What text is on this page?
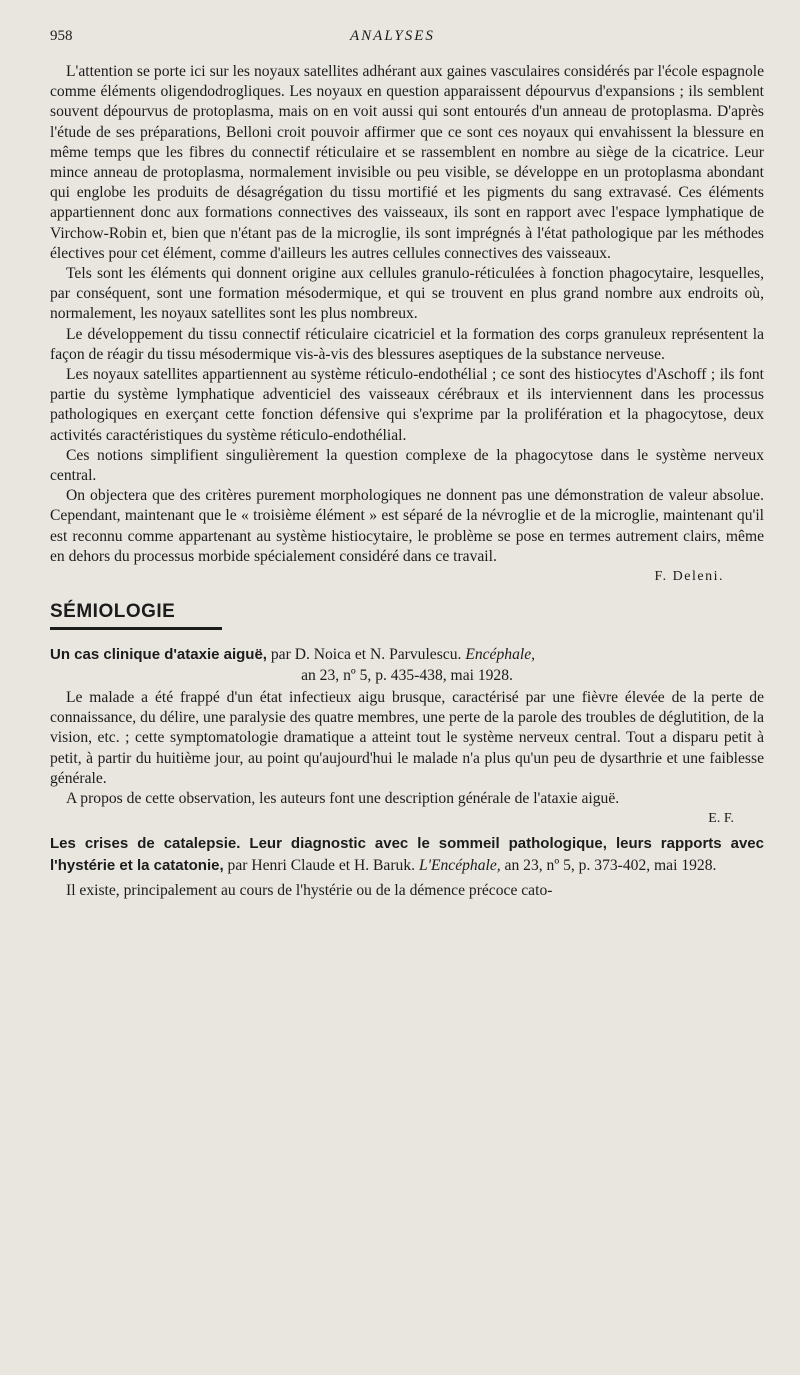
958	ANALYSES

L'attention se porte ici sur les noyaux satellites adhérant aux gaines vasculaires considérés par l'école espagnole comme éléments oligendodrogliques. Les noyaux en question apparaissent dépourvus d'expansions ; ils semblent souvent dépourvus de protoplasma, mais on en voit aussi qui sont entourés d'un anneau de protoplasma. D'après l'étude de ses préparations, Belloni croit pouvoir affirmer que ce sont ces noyaux qui envahissent la blessure en même temps que les fibres du connectif réticulaire et se rassemblent en nombre au siège de la cicatrice. Leur mince anneau de protoplasma, normalement invisible ou peu visible, se développe en un protoplasma abondant qui englobe les produits de désagrégation du tissu mortifié et les pigments du sang extravasé. Ces éléments appartiennent donc aux formations connectives des vaisseaux, ils sont en rapport avec l'espace lymphatique de Virchow-Robin et, bien que n'étant pas de la microglie, ils sont imprégnés à l'état pathologique par les méthodes électives pour cet élément, comme d'ailleurs les autres cellules connectives des vaisseaux.

Tels sont les éléments qui donnent origine aux cellules granulo-réticulées à fonction phagocytaire, lesquelles, par conséquent, sont une formation mésodermique, et qui se trouvent en plus grand nombre aux endroits où, normalement, les noyaux satellites sont les plus nombreux.

Le développement du tissu connectif réticulaire cicatriciel et la formation des corps granuleux représentent la façon de réagir du tissu mésodermique vis-à-vis des blessures aseptiques de la substance nerveuse.

Les noyaux satellites appartiennent au système réticulo-endothélial ; ce sont des histiocytes d'Aschoff ; ils font partie du système lymphatique adventiciel des vaisseaux cérébraux et ils interviennent dans les processus pathologiques en exerçant cette fonction défensive qui s'exprime par la prolifération et la phagocytose, deux activités caractéristiques du système réticulo-endothélial.

Ces notions simplifient singulièrement la question complexe de la phagocytose dans le système nerveux central.

On objectera que des critères purement morphologiques ne donnent pas une démonstration de valeur absolue. Cependant, maintenant que le « troisième élément » est séparé de la névroglie et de la microglie, maintenant qu'il est reconnu comme appartenant au système histiocytaire, le problème se pose en termes autrement clairs, même en dehors du processus morbide spécialement considéré dans ce travail.

F. Deleni.
SÉMIOLOGIE

Un cas clinique d'ataxie aiguë, par D. Noica et N. Parvulescu. Encéphale,

an 23, nº 5, p. 435-438, mai 1928.

Le malade a été frappé d'un état infectieux aigu brusque, caractérisé par une fièvre élevée de la perte de connaissance, du délire, une paralysie des quatre membres, une perte de la parole des troubles de déglutition, de la vision, etc. ; cette symptomatologie dramatique a atteint tout le système nerveux central. Tout a disparu petit à petit, à partir du huitième jour, au point qu'aujourd'hui le malade n'a plus qu'un peu de dysarthrie et une faiblesse générale.

A propos de cette observation, les auteurs font une description générale de l'ataxie aiguë.

E. F.

Les crises de catalepsie. Leur diagnostic avec le sommeil pathologique, leurs rapports avec l'hystérie et la catatonie, par Henri Claude et H. Baruk. L'Encéphale, an 23, nº 5, p. 373-402, mai 1928.

Il existe, principalement au cours de l'hystérie ou de la démence précoce cato-
